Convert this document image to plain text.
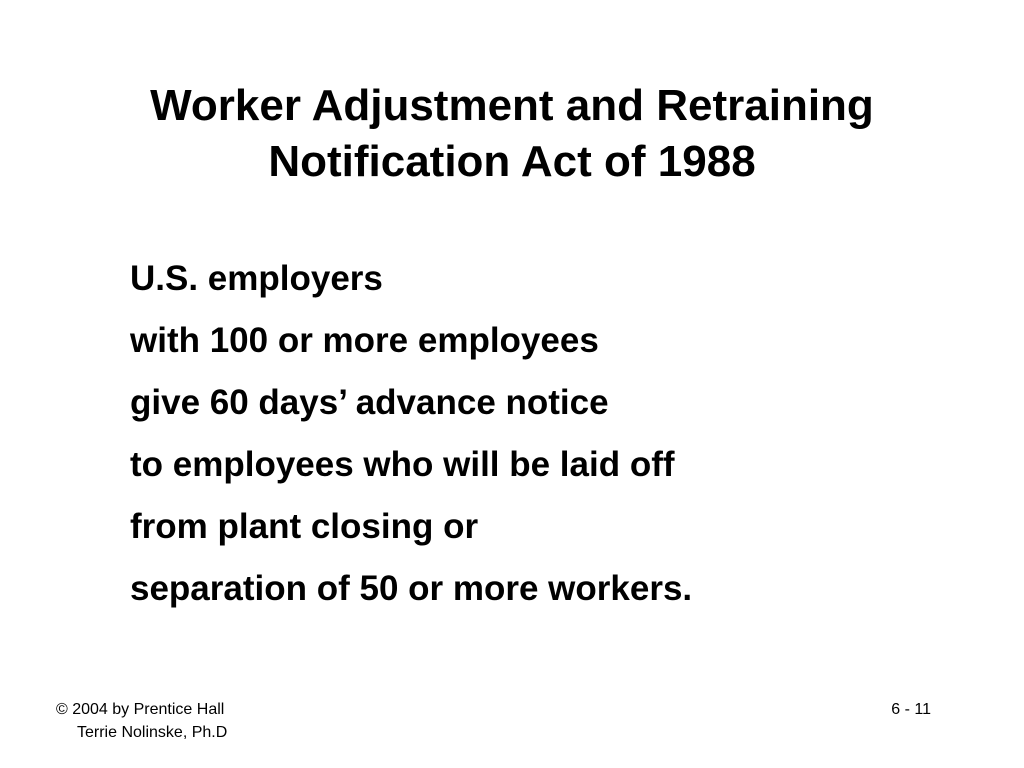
Worker Adjustment and Retraining
Notification Act of 1988
U.S. employers
with 100 or more employees
give 60 days’ advance notice
to employees who will be laid off
from plant closing or
separation of 50 or more workers.
© 2004 by Prentice Hall
Terrie Nolinske, Ph.D
6 - 11
